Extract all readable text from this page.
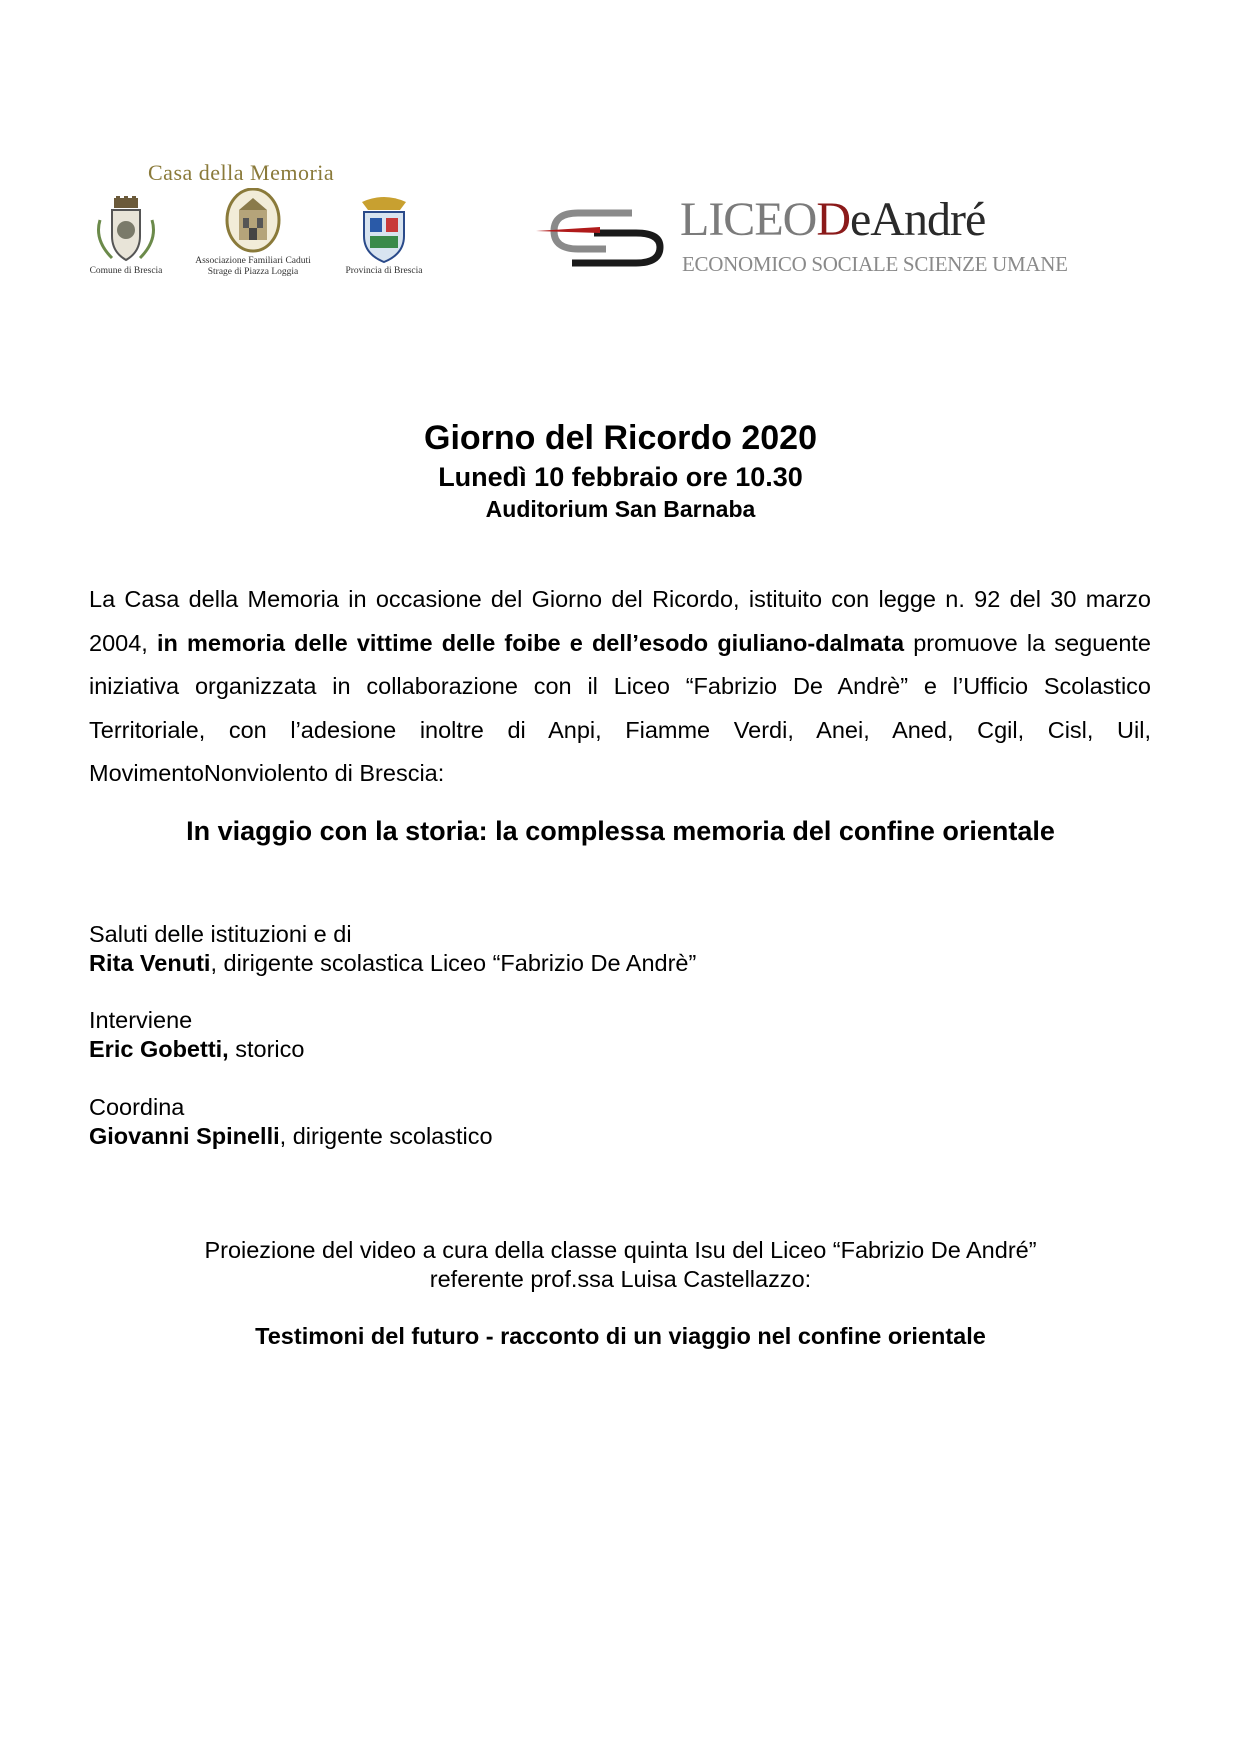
Casa della Memoria
Comune di Brescia
Associazione Familiari Caduti
Strage di Piazza Loggia	Provincia di Brescia
LICEODeAndré
ECONOMICO SOCIALE SCIENZE UMANE
Giorno del Ricordo 2020
Lunedì 10 febbraio ore 10.30
Auditorium San Barnaba
La Casa della Memoria in occasione del Giorno del Ricordo, istituito con legge n. 92 del 30 marzo 2004, in memoria delle vittime delle foibe e dell’esodo giuliano-dalmata promuove la seguente iniziativa organizzata in collaborazione con il Liceo “Fabrizio De Andrè” e l’Ufficio Scolastico Territoriale, con l’adesione inoltre di Anpi, Fiamme Verdi, Anei, Aned, Cgil, Cisl, Uil, MovimentoNonviolento di Brescia:
In viaggio con la storia: la complessa memoria del confine orientale
Saluti delle istituzioni e di
Rita Venuti, dirigente scolastica Liceo “Fabrizio De Andrè”
Interviene
Eric Gobetti, storico
Coordina
Giovanni Spinelli, dirigente scolastico
Proiezione del video a cura della classe quinta Isu del Liceo “Fabrizio De André”
referente prof.ssa Luisa Castellazzo:
Testimoni del futuro - racconto di un viaggio nel confine orientale
